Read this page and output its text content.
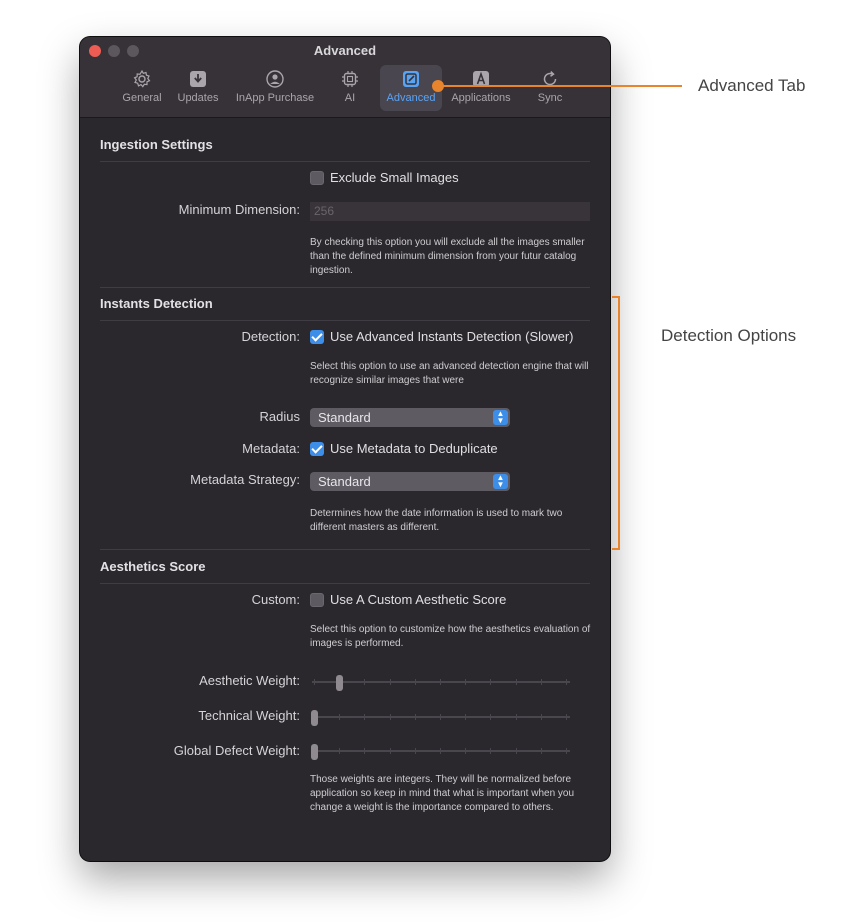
Advanced
General	Updates	InApp Purchase	AI	Advanced	Applications	Sync
Ingestion Settings
Exclude Small Images
Minimum Dimension:	256
By checking this option you will exclude all the images smaller than the defined minimum dimension from your futur catalog ingestion.
Instants Detection
Detection: Use Advanced Instants Detection (Slower)
Select this option to use an advanced detection engine that will recognize similar images that were
Radius	Standard	▲
▼
Metadata: Use Metadata to Deduplicate
Metadata Strategy:	Standard	▲
▼
Determines how the date information is used to mark two different masters as different.
Aesthetics Score
Custom: Use A Custom Aesthetic Score
Select this option to customize how the aesthetics evaluation of images is performed.
Aesthetic Weight:
Technical Weight:
Global Defect Weight:
Those weights are integers. They will be normalized before application so keep in mind that what is important when you change a weight is the importance compared to others.
Advanced Tab
Detection Options
